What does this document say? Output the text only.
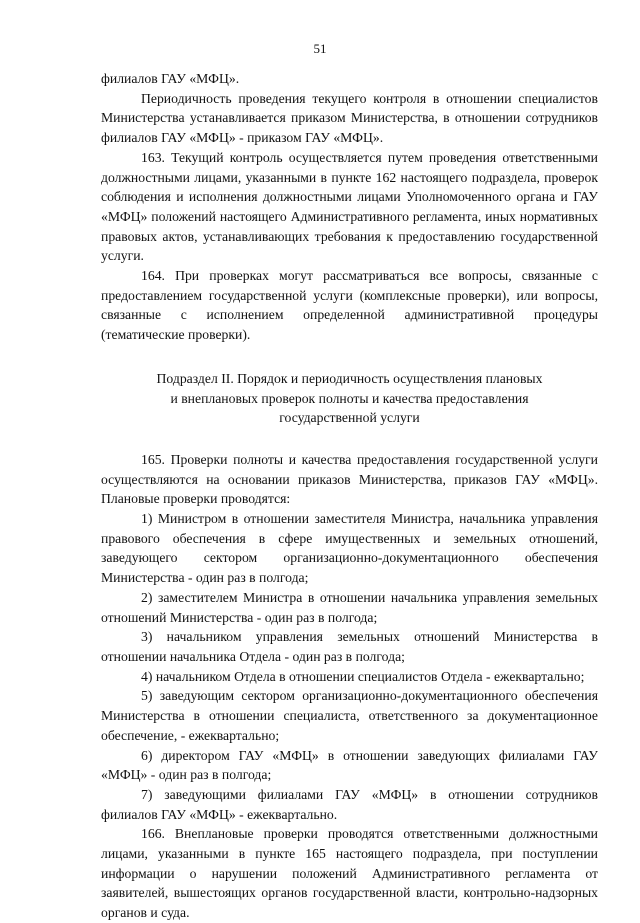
51

филиалов ГАУ «МФЦ».

Периодичность проведения текущего контроля в отношении специалистов Министерства устанавливается приказом Министерства, в отношении сотрудников филиалов ГАУ «МФЦ» - приказом ГАУ «МФЦ».

163. Текущий контроль осуществляется путем проведения ответственными должностными лицами, указанными в пункте 162 настоящего подраздела, проверок соблюдения и исполнения должностными лицами Уполномоченного органа и ГАУ «МФЦ» положений настоящего Административного регламента, иных нормативных правовых актов, устанавливающих требования к предоставлению государственной услуги.

164. При проверках могут рассматриваться все вопросы, связанные с предоставлением государственной услуги (комплексные проверки), или вопросы, связанные с исполнением определенной административной процедуры (тематические проверки).

Подраздел II. Порядок и периодичность осуществления плановых
и внеплановых проверок полноты и качества предоставления
государственной услуги

165. Проверки полноты и качества предоставления государственной услуги осуществляются на основании приказов Министерства, приказов ГАУ «МФЦ». Плановые проверки проводятся:

1) Министром в отношении заместителя Министра, начальника управления правового обеспечения в сфере имущественных и земельных отношений, заведующего сектором организационно-документационного обеспечения Министерства - один раз в полгода;

2) заместителем Министра в отношении начальника управления земельных отношений Министерства - один раз в полгода;

3) начальником управления земельных отношений Министерства в отношении начальника Отдела - один раз в полгода;

4) начальником Отдела в отношении специалистов Отдела - ежеквартально;

5) заведующим сектором организационно-документационного обеспечения Министерства в отношении специалиста, ответственного за документационное обеспечение, - ежеквартально;

6) директором ГАУ «МФЦ» в отношении заведующих филиалами ГАУ «МФЦ» - один раз в полгода;

7) заведующими филиалами ГАУ «МФЦ» в отношении сотрудников филиалов ГАУ «МФЦ» - ежеквартально.

166. Внеплановые проверки проводятся ответственными должностными лицами, указанными в пункте 165 настоящего подраздела, при поступлении информации о нарушении положений Административного регламента от заявителей, вышестоящих органов государственной власти, контрольно-надзорных органов и суда.
